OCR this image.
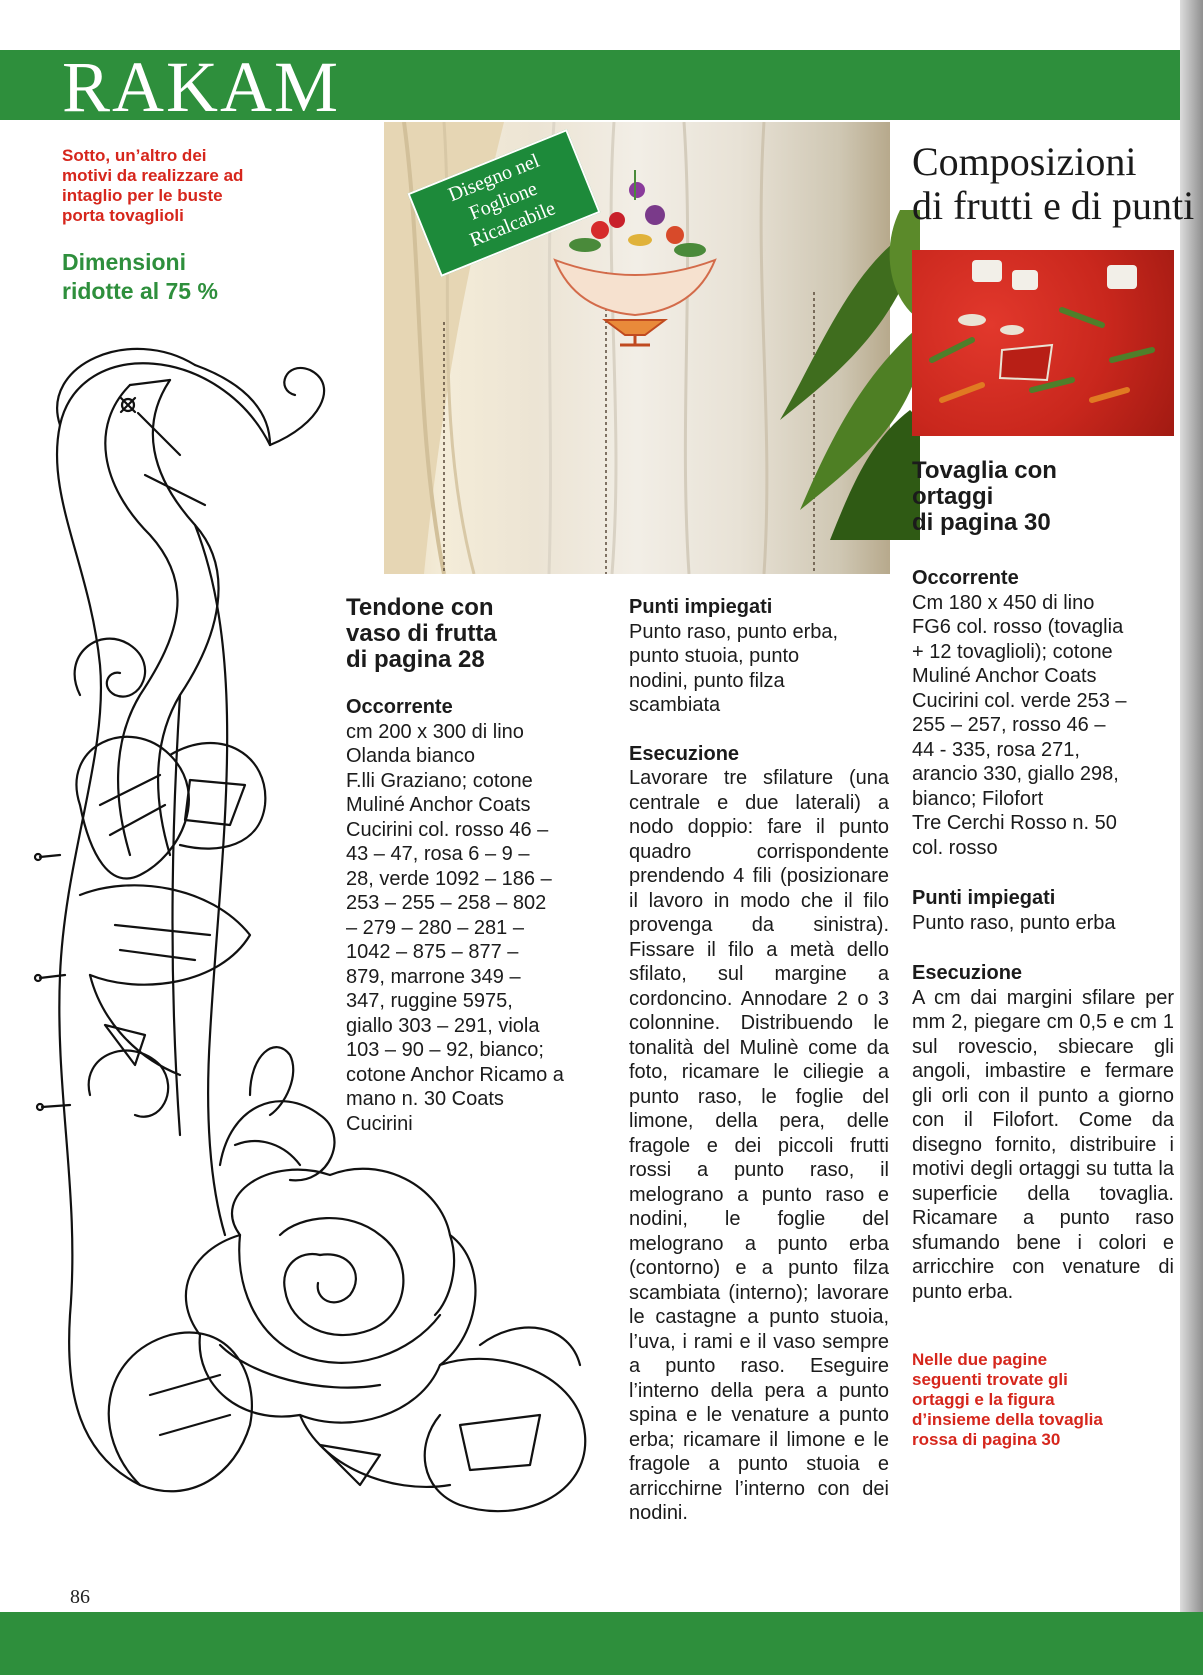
RAKAM
Sotto, un’altro dei
motivi da realizzare ad
intaglio per le buste
porta tovaglioli
Dimensioni
ridotte al 75 %
Disegno nel
Foglione
Ricalcabile
Composizioni
di frutti e di punti
Tendone con
vaso di frutta
di pagina 28
Occorrente

cm 200 x 300 di lino
Olanda bianco
F.lli Graziano; cotone
Muliné Anchor Coats
Cucirini col. rosso 46 –
43 – 47, rosa 6 – 9 –
28, verde 1092 – 186 –
253 – 255 – 258 – 802
– 279 – 280 – 281 –
1042 – 875 – 877 –
879, marrone 349 –
347, ruggine 5975,
giallo 303 – 291, viola
103 – 90 – 92, bianco;
cotone Anchor Ricamo a
mano n. 30 Coats
Cucirini

Punti impiegati

Punto raso, punto erba,
punto stuoia, punto
nodini, punto filza
scambiata

Esecuzione

Lavorare tre sfilature (una centrale e due laterali) a nodo doppio: fare il punto quadro corrispondente prendendo 4 fili (posizionare il lavoro in modo che il filo provenga da sinistra). Fissare il filo a metà dello sfilato, sul margine a cordoncino. Annodare 2 o 3 colonnine. Distribuendo le tonalità del Mulinè come da foto, ricamare le ciliegie a punto raso, le foglie del limone, della pera, delle fragole e dei piccoli frutti rossi a punto raso, il melograno a punto raso e nodini, le foglie del melograno a punto erba (contorno) e a punto filza scambiata (interno); lavorare le castagne a punto stuoia, l’uva, i rami e il vaso sempre a punto raso. Eseguire l’interno della pera a punto spina e le venature a punto erba; ricamare il limone e le fragole a punto stuoia e arricchirne l’interno con dei nodini.

Tovaglia con
ortaggi
di pagina 30
Occorrente

Cm 180 x 450 di lino
FG6 col. rosso (tovaglia
+ 12 tovaglioli); cotone
Muliné Anchor Coats
Cucirini col. verde 253 –
255 – 257, rosso 46 –
44 - 335, rosa 271,
arancio 330, giallo 298,
bianco; Filofort
Tre Cerchi Rosso n. 50
col. rosso

Punti impiegati

Punto raso, punto erba

Esecuzione

A cm dai margini sfilare per mm 2, piegare cm 0,5 e cm 1 sul rovescio, sbiecare gli angoli, imbastire e fermare gli orli con il punto a giorno con il Filofort. Come da disegno fornito, distribuire i motivi degli ortaggi su tutta la superficie della tovaglia. Ricamare a punto raso sfumando bene i colori e arricchire con venature di punto erba.

Nelle due pagine
seguenti trovate gli
ortaggi e la figura
d’insieme della tovaglia
rossa di pagina 30

86
